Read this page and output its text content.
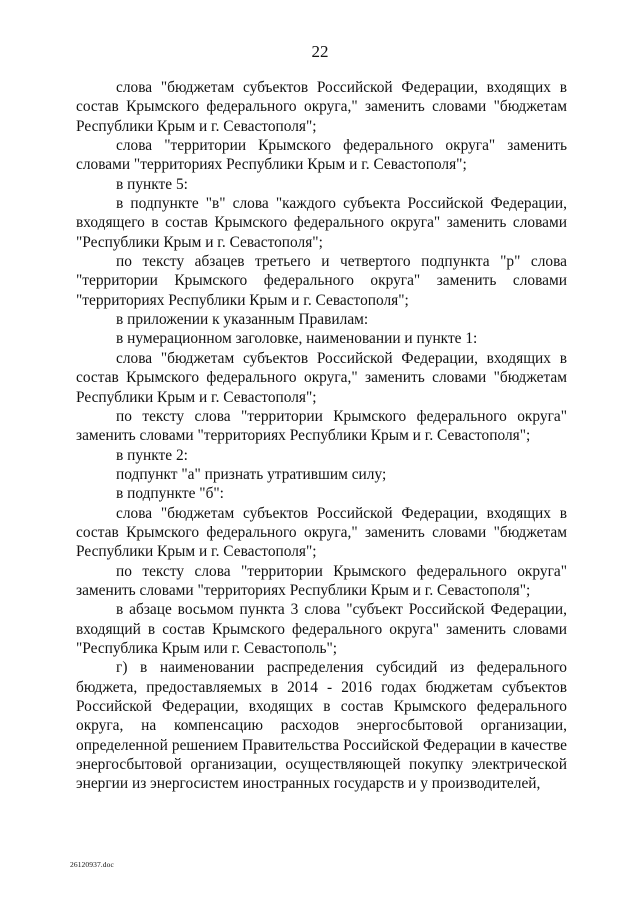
22

слова "бюджетам субъектов Российской Федерации, входящих в состав Крымского федерального округа," заменить словами "бюджетам Республики Крым и г. Севастополя";

слова "территории Крымского федерального округа" заменить словами "территориях Республики Крым и г. Севастополя";

в пункте 5:

в подпункте "в" слова "каждого субъекта Российской Федерации, входящего в состав Крымского федерального округа" заменить словами "Республики Крым и г. Севастополя";

по тексту абзацев третьего и четвертого подпункта "р" слова "территории Крымского федерального округа" заменить словами "территориях Республики Крым и г. Севастополя";

в приложении к указанным Правилам:

в нумерационном заголовке, наименовании и пункте 1:

слова "бюджетам субъектов Российской Федерации, входящих в состав Крымского федерального округа," заменить словами "бюджетам Республики Крым и г. Севастополя";

по тексту слова "территории Крымского федерального округа" заменить словами "территориях Республики Крым и г. Севастополя";

в пункте 2:

подпункт "а" признать утратившим силу;

в подпункте "б":

слова "бюджетам субъектов Российской Федерации, входящих в состав Крымского федерального округа," заменить словами "бюджетам Республики Крым и г. Севастополя";

по тексту слова "территории Крымского федерального округа" заменить словами "территориях Республики Крым и г. Севастополя";

в абзаце восьмом пункта 3 слова "субъект Российской Федерации, входящий в состав Крымского федерального округа" заменить словами "Республика Крым или г. Севастополь";

г) в наименовании распределения субсидий из федерального бюджета, предоставляемых в 2014 - 2016 годах бюджетам субъектов Российской Федерации, входящих в состав Крымского федерального округа, на компенсацию расходов энергосбытовой организации, определенной решением Правительства Российской Федерации в качестве энергосбытовой организации, осуществляющей покупку электрической энергии из энергосистем иностранных государств и у производителей,

26120937.doc
